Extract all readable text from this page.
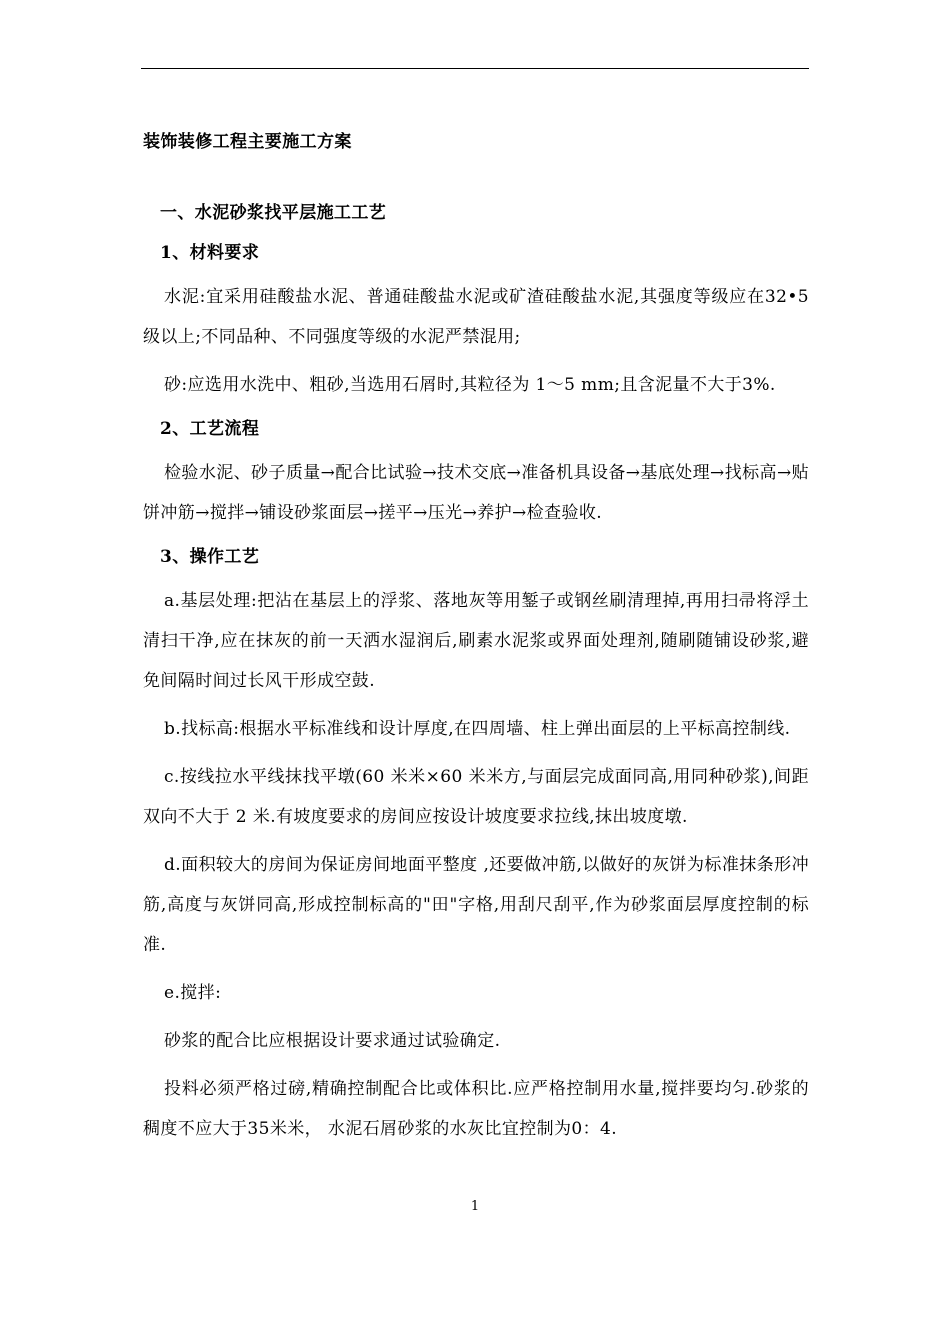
装饰装修工程主要施工方案
一、水泥砂浆找平层施工工艺
1、材料要求

水泥:宜采用硅酸盐水泥、普通硅酸盐水泥或矿渣硅酸盐水泥,其强度等级应在32•5级以上;不同品种、不同强度等级的水泥严禁混用;

砂:应选用水洗中、粗砂,当选用石屑时,其粒径为 1～5 mm;且含泥量不大于3%.

2、工艺流程

检验水泥、砂子质量→配合比试验→技术交底→准备机具设备→基底处理→找标高→贴饼冲筋→搅拌→铺设砂浆面层→搓平→压光→养护→检查验收.

3、操作工艺

a.基层处理:把沾在基层上的浮浆、落地灰等用錾子或钢丝刷清理掉,再用扫帚将浮土清扫干净,应在抹灰的前一天洒水湿润后,刷素水泥浆或界面处理剂,随刷随铺设砂浆,避免间隔时间过长风干形成空鼓.

b.找标高:根据水平标准线和设计厚度,在四周墙、柱上弹出面层的上平标高控制线.

c.按线拉水平线抹找平墩(60 米米×60 米米方,与面层完成面同高,用同种砂浆),间距双向不大于 2 米.有坡度要求的房间应按设计坡度要求拉线,抹出坡度墩.

d.面积较大的房间为保证房间地面平整度 ,还要做冲筋,以做好的灰饼为标准抹条形冲筋,高度与灰饼同高,形成控制标高的"田"字格,用刮尺刮平,作为砂浆面层厚度控制的标准.

e.搅拌:

砂浆的配合比应根据设计要求通过试验确定.

投料必须严格过磅,精确控制配合比或体积比.应严格控制用水量,搅拌要均匀.砂浆的稠度不应大于35米米， 水泥石屑砂浆的水灰比宜控制为0：4.

1
